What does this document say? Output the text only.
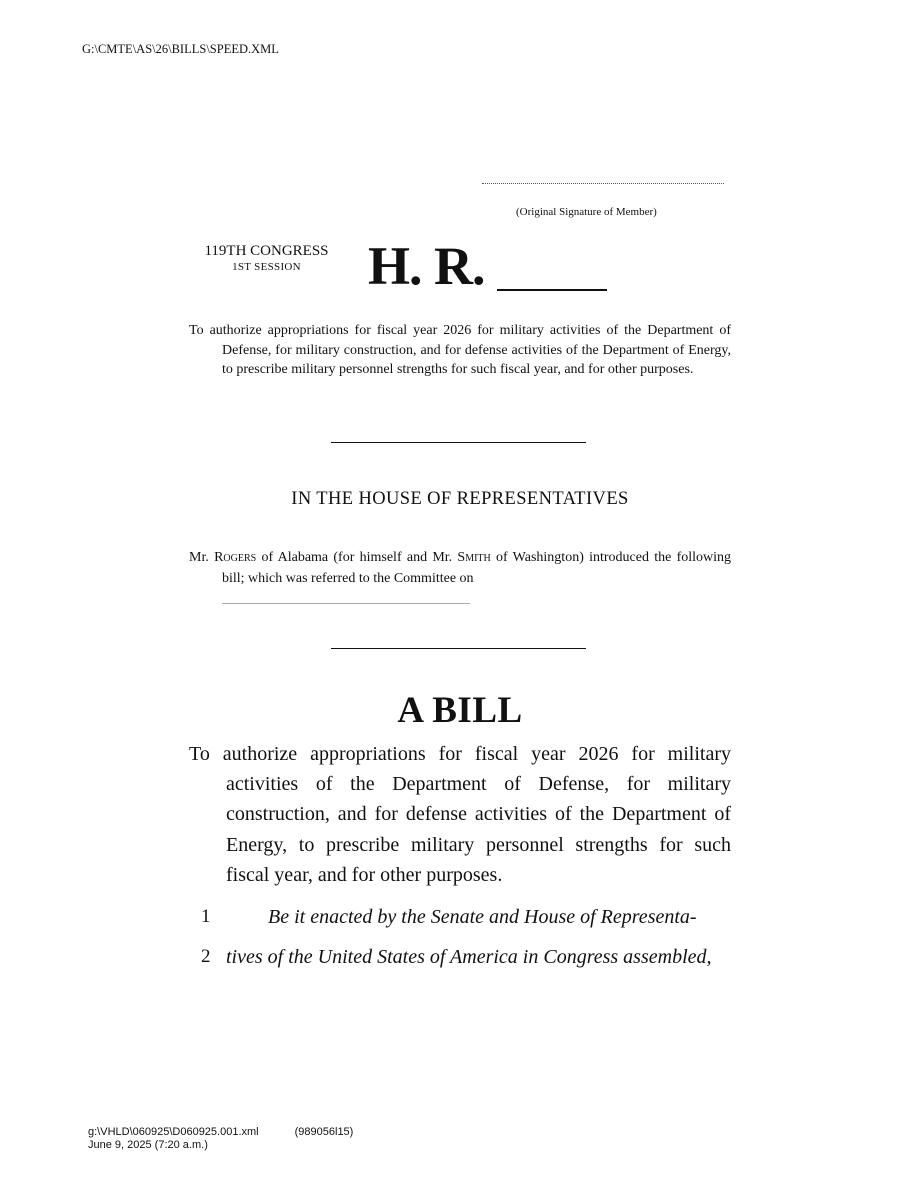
G:\CMTE\AS\26\BILLS\SPEED.XML
(Original Signature of Member)
119TH CONGRESS
1ST SESSION	H. R.
To authorize appropriations for fiscal year 2026 for military activities of the Department of Defense, for military construction, and for defense activities of the Department of Energy, to prescribe military personnel strengths for such fiscal year, and for other purposes.
IN THE HOUSE OF REPRESENTATIVES
Mr. Rogers of Alabama (for himself and Mr. Smith of Washington) introduced the following bill; which was referred to the Committee on
A BILL
To authorize appropriations for fiscal year 2026 for military activities of the Department of Defense, for military construction, and for defense activities of the Department of Energy, to prescribe military personnel strengths for such fiscal year, and for other purposes.
1	Be it enacted by the Senate and House of Representa-
2 tives of the United States of America in Congress assembled,
g:\VHLD\060925\D060925.001.xml	(989056l15)
June 9, 2025 (7:20 a.m.)
